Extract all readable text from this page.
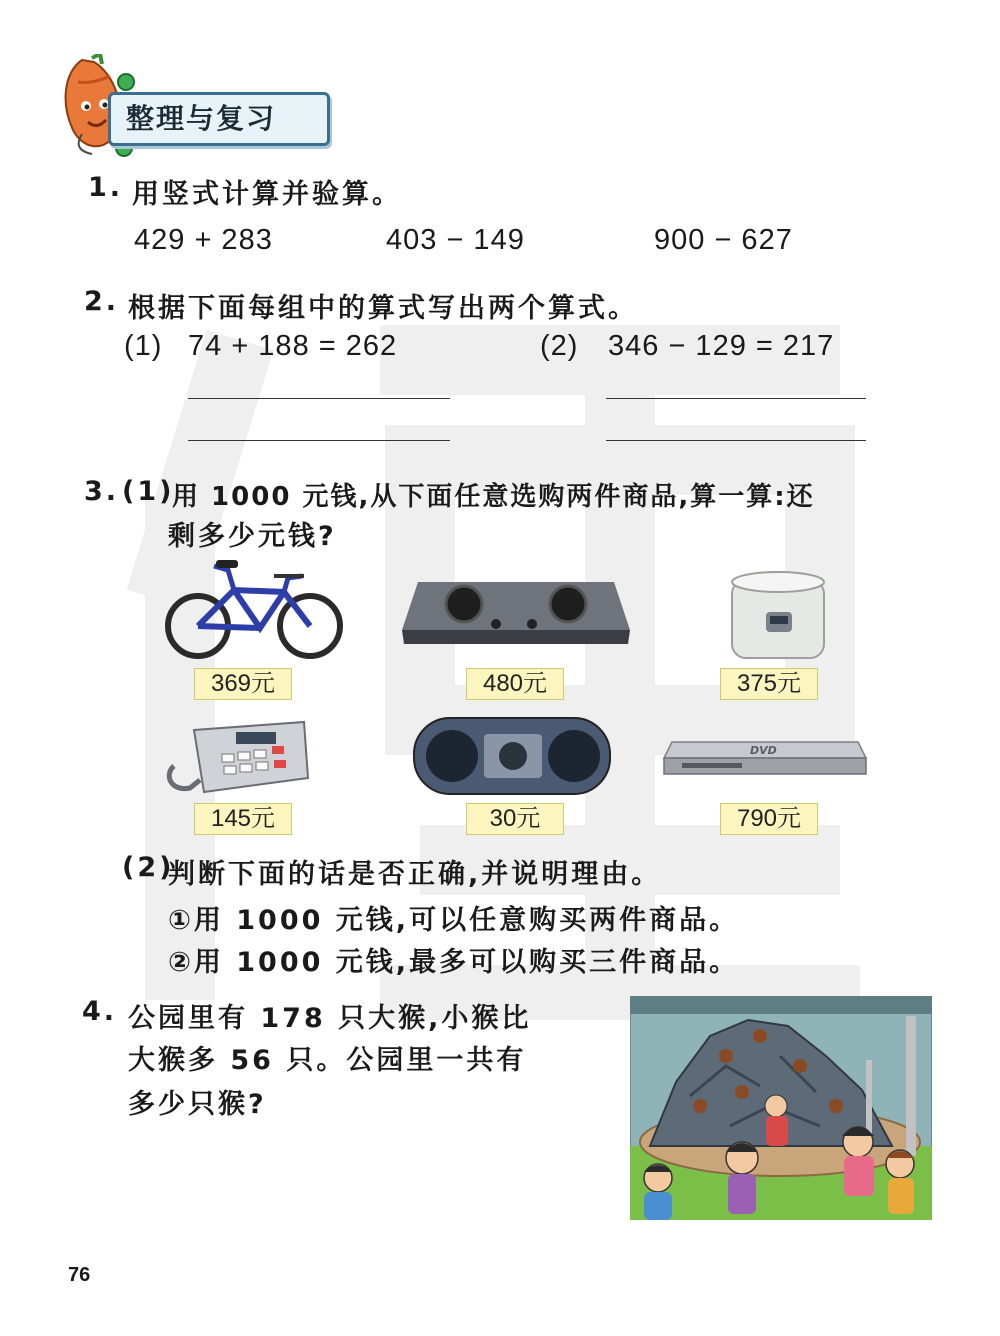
整理与复习
1. 用竖式计算并验算。
429 + 283	403 − 149	900 − 627
2. 根据下面每组中的算式写出两个算式。
(1) 74 + 188 = 262	(2) 346 − 129 = 217
3. (1)
用 1000 元钱,从下面任意选购两件商品,算一算:还
剩多少元钱?
DVD
369元	480元	375元
145元	30元	790元
(2)
判断下面的话是否正确,并说明理由。
①用 1000 元钱,可以任意购买两件商品。
②用 1000 元钱,最多可以购买三件商品。
4. 公园里有 178 只大猴,小猴比
大猴多 56 只。公园里一共有
多少只猴?
76
